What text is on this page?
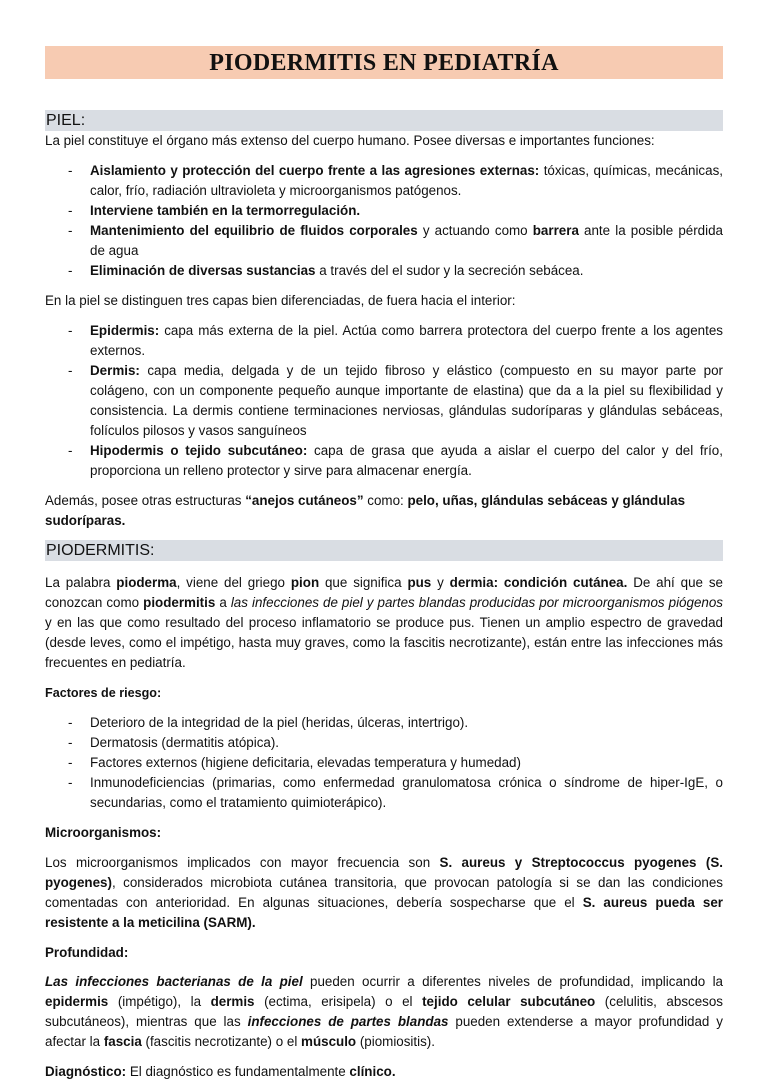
PIODERMITIS EN PEDIATRÍA
PIEL:

La piel constituye el órgano más extenso del cuerpo humano. Posee diversas e importantes funciones:

- Aislamiento y protección del cuerpo frente a las agresiones externas: tóxicas, químicas, mecánicas, calor, frío, radiación ultravioleta y microorganismos patógenos.
- Interviene también en la termorregulación.
- Mantenimiento del equilibrio de fluidos corporales y actuando como barrera ante la posible pérdida de agua
- Eliminación de diversas sustancias a través del el sudor y la secreción sebácea.

En la piel se distinguen tres capas bien diferenciadas, de fuera hacia el interior:

- Epidermis: capa más externa de la piel. Actúa como barrera protectora del cuerpo frente a los agentes externos.
- Dermis: capa media, delgada y de un tejido fibroso y elástico (compuesto en su mayor parte por colágeno, con un componente pequeño aunque importante de elastina) que da a la piel su flexibilidad y consistencia. La dermis contiene terminaciones nerviosas, glándulas sudoríparas y glándulas sebáceas, folículos pilosos y vasos sanguíneos
- Hipodermis o tejido subcutáneo: capa de grasa que ayuda a aislar el cuerpo del calor y del frío, proporciona un relleno protector y sirve para almacenar energía.

Además, posee otras estructuras “anejos cutáneos” como: pelo, uñas, glándulas sebáceas y glándulas sudoríparas.

PIODERMITIS:

La palabra pioderma, viene del griego pion que significa pus y dermia: condición cutánea. De ahí que se conozcan como piodermitis a las infecciones de piel y partes blandas producidas por microorganismos piógenos y en las que como resultado del proceso inflamatorio se produce pus. Tienen un amplio espectro de gravedad (desde leves, como el impétigo, hasta muy graves, como la fascitis necrotizante), están entre las infecciones más frecuentes en pediatría.

Factores de riesgo:

- Deterioro de la integridad de la piel (heridas, úlceras, intertrigo).
- Dermatosis (dermatitis atópica).
- Factores externos (higiene deficitaria, elevadas temperatura y humedad)
- Inmunodeficiencias (primarias, como enfermedad granulomatosa crónica o síndrome de hiper-IgE, o secundarias, como el tratamiento quimioterápico).

Microorganismos:

Los microorganismos implicados con mayor frecuencia son S. aureus y Streptococcus pyogenes (S. pyogenes), considerados microbiota cutánea transitoria, que provocan patología si se dan las condiciones comentadas con anterioridad. En algunas situaciones, debería sospecharse que el S. aureus pueda ser resistente a la meticilina (SARM).

Profundidad:

Las infecciones bacterianas de la piel pueden ocurrir a diferentes niveles de profundidad, implicando la epidermis (impétigo), la dermis (ectima, erisipela) o el tejido celular subcutáneo (celulitis, abscesos subcutáneos), mientras que las infecciones de partes blandas pueden extenderse a mayor profundidad y afectar la fascia (fascitis necrotizante) o el músculo (piomiositis).

Diagnóstico: El diagnóstico es fundamentalmente clínico.
